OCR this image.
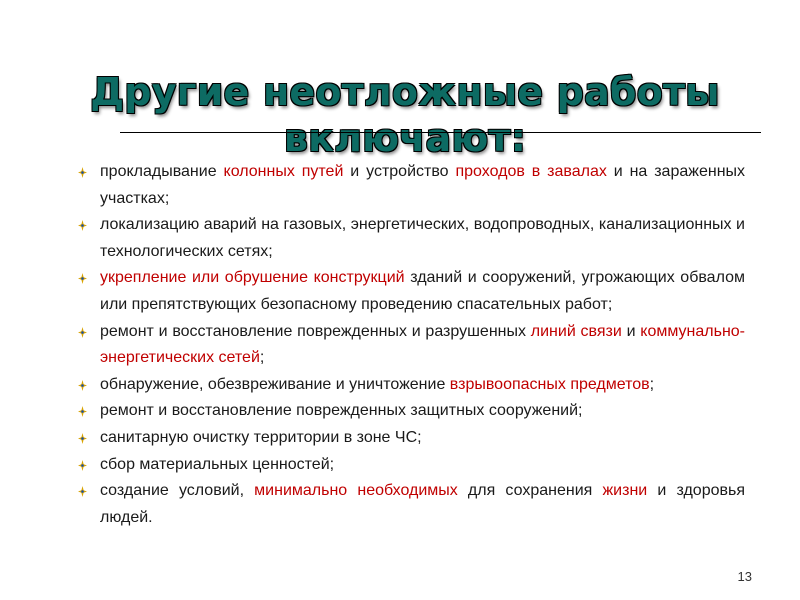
Другие неотложные работы включают:
прокладывание колонных путей и устройство проходов в завалах и на зараженных участках;
локализацию аварий на газовых, энергетических, водопроводных, канализационных и технологических сетях;
укрепление или обрушение конструкций зданий и сооружений, угрожающих обвалом или препятствующих безопасному проведению спасательных работ;
ремонт и восстановление поврежденных и разрушенных линий связи и коммунально-энергетических сетей;
обнаружение, обезвреживание и уничтожение взрывоопасных предметов;
ремонт и восстановление поврежденных защитных сооружений;
санитарную очистку территории в зоне ЧС;
сбор материальных ценностей;
создание условий, минимально необходимых для сохранения жизни и здоровья людей.
13
